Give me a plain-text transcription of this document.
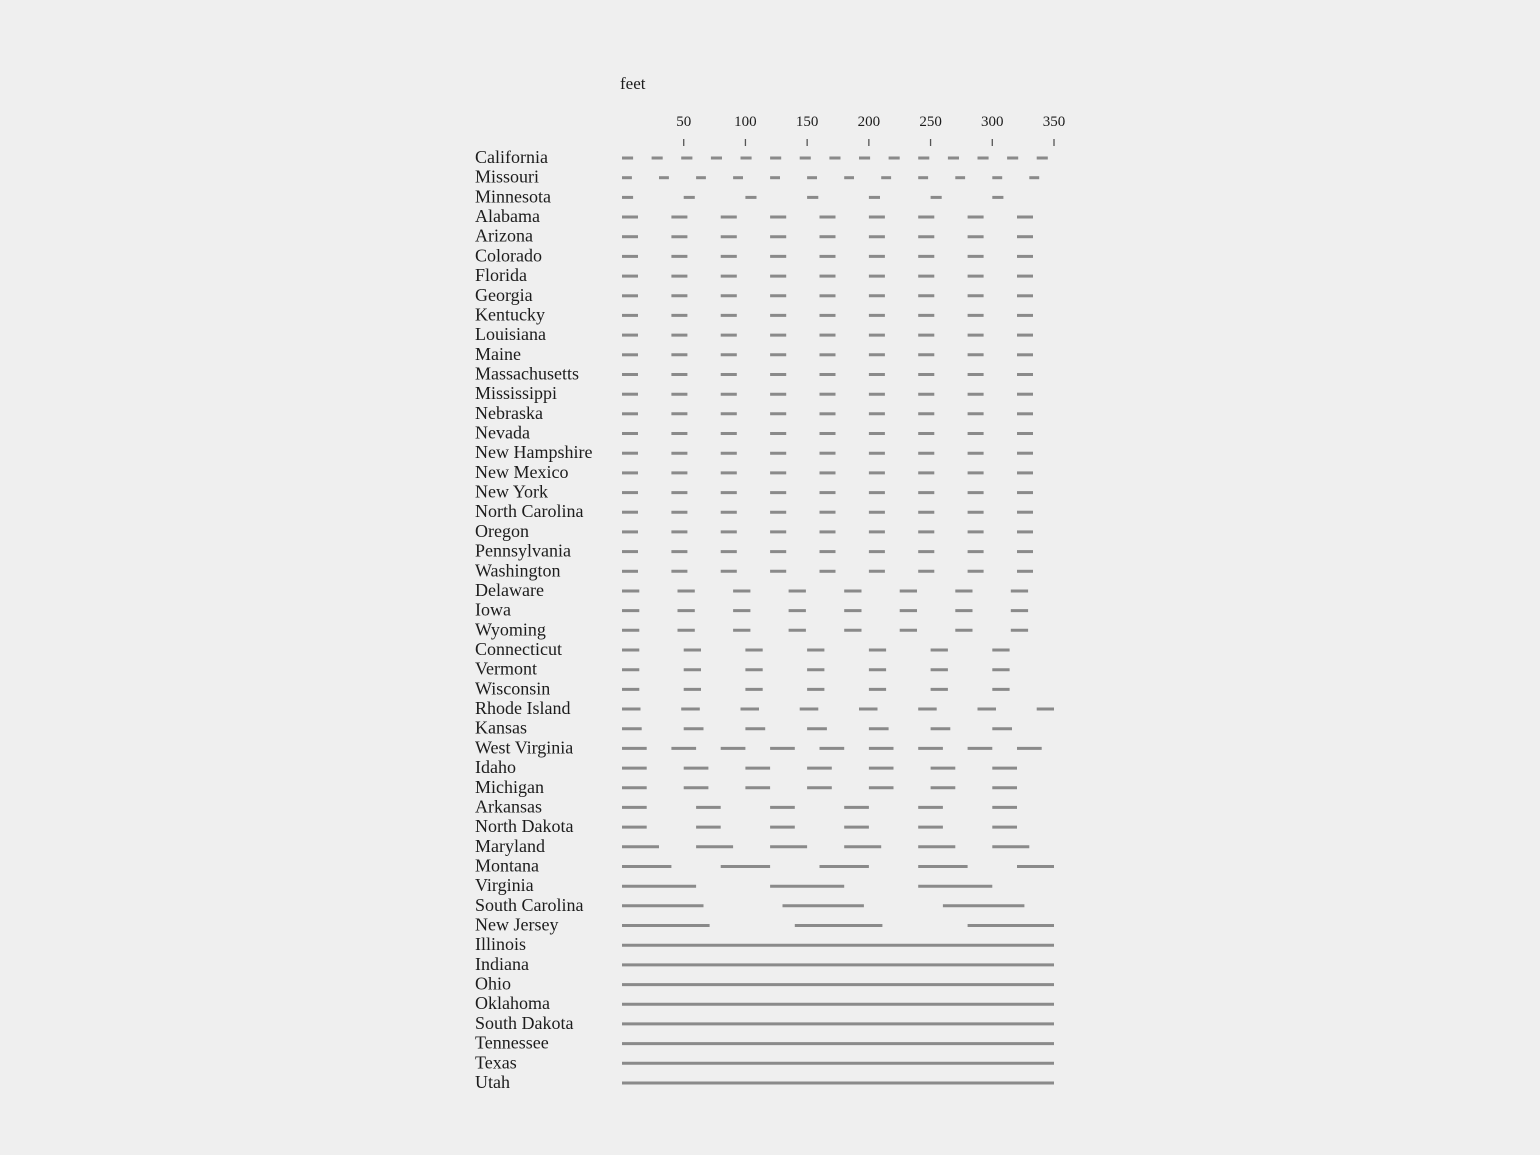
feet
50	100	150	200	250	300	350
California
Missouri
Minnesota
Alabama
Arizona
Colorado
Florida
Georgia
Kentucky
Louisiana
Maine
Massachusetts
Mississippi
Nebraska
Nevada
New Hampshire
New Mexico
New York
North Carolina
Oregon
Pennsylvania
Washington
Delaware
Iowa
Wyoming
Connecticut
Vermont
Wisconsin
Rhode Island
Kansas
West Virginia
Idaho
Michigan
Arkansas
North Dakota
Maryland
Montana
Virginia
South Carolina
New Jersey
Illinois
Indiana
Ohio
Oklahoma
South Dakota
Tennessee
Texas
Utah
